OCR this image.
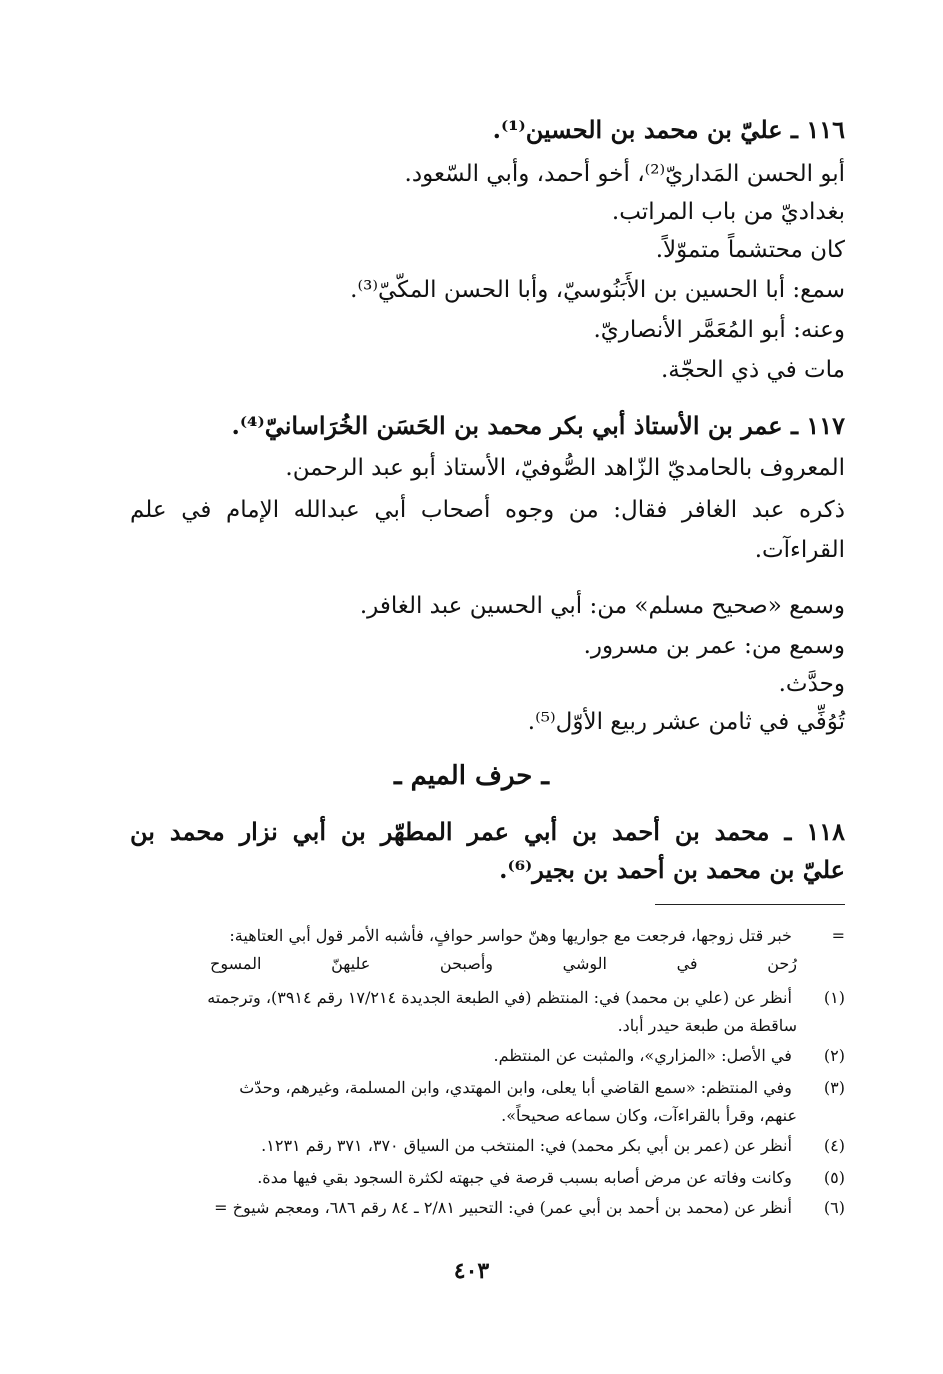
١١٦ ـ عليّ بن محمد بن الحسين⁽¹⁾.
أبو الحسن المَداريّ⁽²⁾، أخو أحمد، وأبي السّعود.
بغداديّ من باب المراتب.
كان محتشماً متموّلاً.
سمع: أبا الحسين بن الأَبَنُوسيّ، وأبا الحسن المكّيّ⁽³⁾.
وعنه: أبو المُعَمَّر الأنصاريّ.
مات في ذي الحجّة.
١١٧ ـ عمر بن الأستاذ أبي بكر محمد بن الحَسَن الخُرَاسانيّ⁽⁴⁾.
المعروف بالحامديّ الزّاهد الصُّوفيّ، الأستاذ أبو عبد الرحمن.
ذكره عبد الغافر فقال: من وجوه أصحاب أبي عبدالله الإمام في علم
القراءآت.
وسمع «صحيح مسلم» من: أبي الحسين عبد الغافر.
وسمع من: عمر بن مسرور.
وحدَّث.
تُوُفِّي في ثامن عشر ربيع الأوّل⁽⁵⁾.
ـ حرف الميم ـ
١١٨ ـ محمد بن أحمد بن أبي عمر المطهّر بن أبي نزار محمد بن
عليّ بن محمد بن أحمد بن بجير⁽⁶⁾.
= خبر قتل زوجها، فرجعت مع جواريها وهنّ حواسر حوافٍ، فأشبه الأمر قول أبي العتاهية:
رُحن في الوشي وأصبحن عليهنّ المسوح
(١) أنظر عن (علي بن محمد) في: المنتظم (في الطبعة الجديدة ١٧/٢١٤ رقم ٣٩١٤)، وترجمته
ساقطة من طبعة حيدر أباد.
(٢) في الأصل: «المزاري»، والمثبت عن المنتظم.
(٣) وفي المنتظم: «سمع القاضي أبا يعلى، وابن المهتدي، وابن المسلمة، وغيرهم، وحدّث
عنهم، وقرأ بالقراءآت، وكان سماعه صحيحاً».
(٤) أنظر عن (عمر بن أبي بكر محمد) في: المنتخب من السياق ٣٧٠، ٣٧١ رقم ١٢٣١.
(٥) وكانت وفاته عن مرض أصابه بسبب قرصة في جبهته لكثرة السجود بقي فيها مدة.
(٦) أنظر عن (محمد بن أحمد بن أبي عمر) في: التحبير ٢/٨١ ـ ٨٤ رقم ٦٨٦، ومعجم شيوخ =
٤٠٣
